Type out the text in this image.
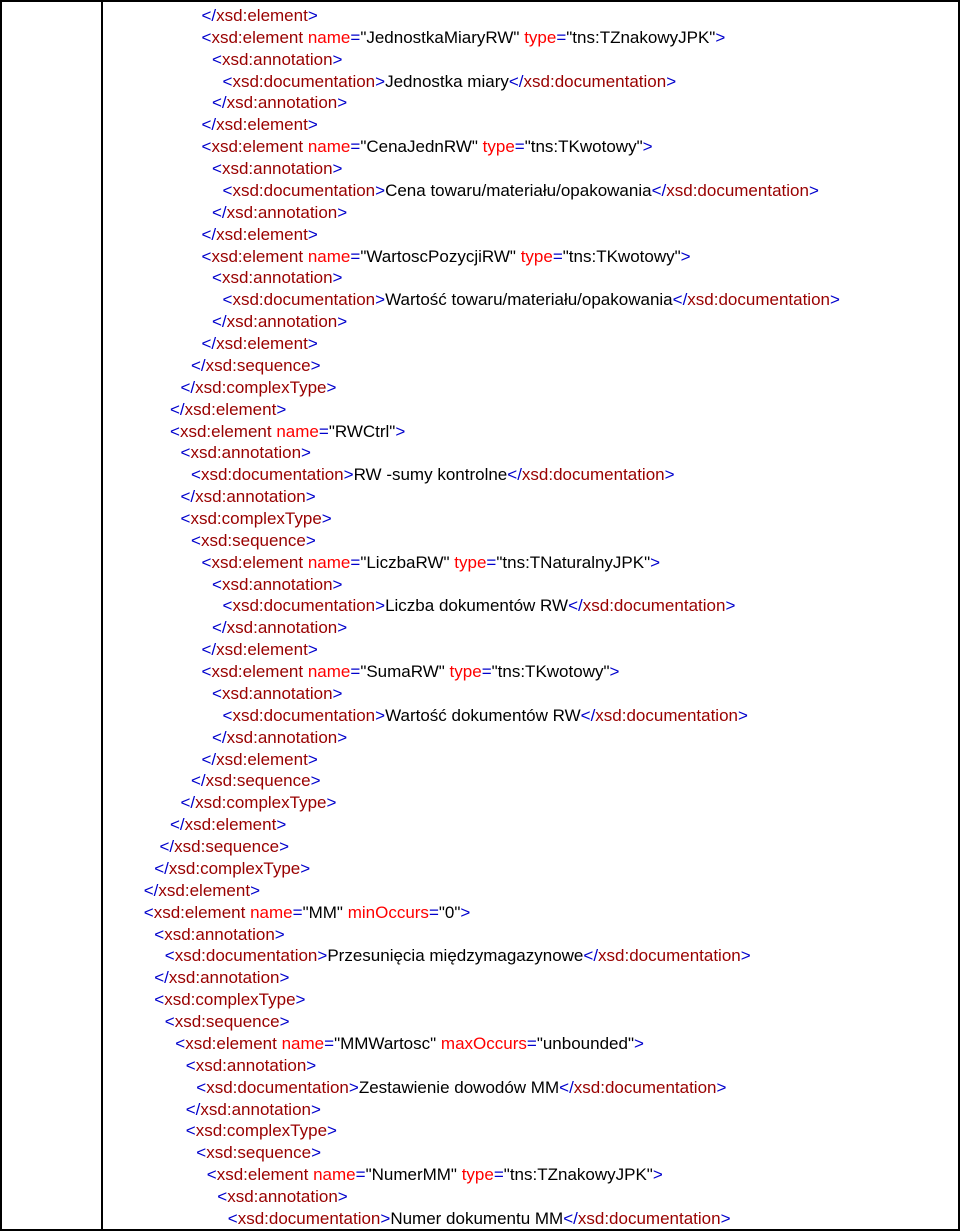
</xsd:element>
<xsd:element name="JednostkaMiaryRW" type="tns:TZnakowyJPK">
<xsd:annotation>
<xsd:documentation>Jednostka miary</xsd:documentation>
</xsd:annotation>
</xsd:element>
<xsd:element name="CenaJednRW" type="tns:TKwotowy">
<xsd:annotation>
<xsd:documentation>Cena towaru/materiału/opakowania</xsd:documentation>
</xsd:annotation>
</xsd:element>
<xsd:element name="WartoscPozycjiRW" type="tns:TKwotowy">
<xsd:annotation>
<xsd:documentation>Wartość towaru/materiału/opakowania</xsd:documentation>
</xsd:annotation>
</xsd:element>
</xsd:sequence>
</xsd:complexType>
</xsd:element>
<xsd:element name="RWCtrl">
<xsd:annotation>
<xsd:documentation>RW -sumy kontrolne</xsd:documentation>
</xsd:annotation>
<xsd:complexType>
<xsd:sequence>
<xsd:element name="LiczbaRW" type="tns:TNaturalnyJPK">
<xsd:annotation>
<xsd:documentation>Liczba dokumentów RW</xsd:documentation>
</xsd:annotation>
</xsd:element>
<xsd:element name="SumaRW" type="tns:TKwotowy">
<xsd:annotation>
<xsd:documentation>Wartość dokumentów RW</xsd:documentation>
</xsd:annotation>
</xsd:element>
</xsd:sequence>
</xsd:complexType>
</xsd:element>
</xsd:sequence>
</xsd:complexType>
</xsd:element>
<xsd:element name="MM" minOccurs="0">
<xsd:annotation>
<xsd:documentation>Przesunięcia międzymagazynowe</xsd:documentation>
</xsd:annotation>
<xsd:complexType>
<xsd:sequence>
<xsd:element name="MMWartosc" maxOccurs="unbounded">
<xsd:annotation>
<xsd:documentation>Zestawienie dowodów MM</xsd:documentation>
</xsd:annotation>
<xsd:complexType>
<xsd:sequence>
<xsd:element name="NumerMM" type="tns:TZnakowyJPK">
<xsd:annotation>
<xsd:documentation>Numer dokumentu MM</xsd:documentation>
